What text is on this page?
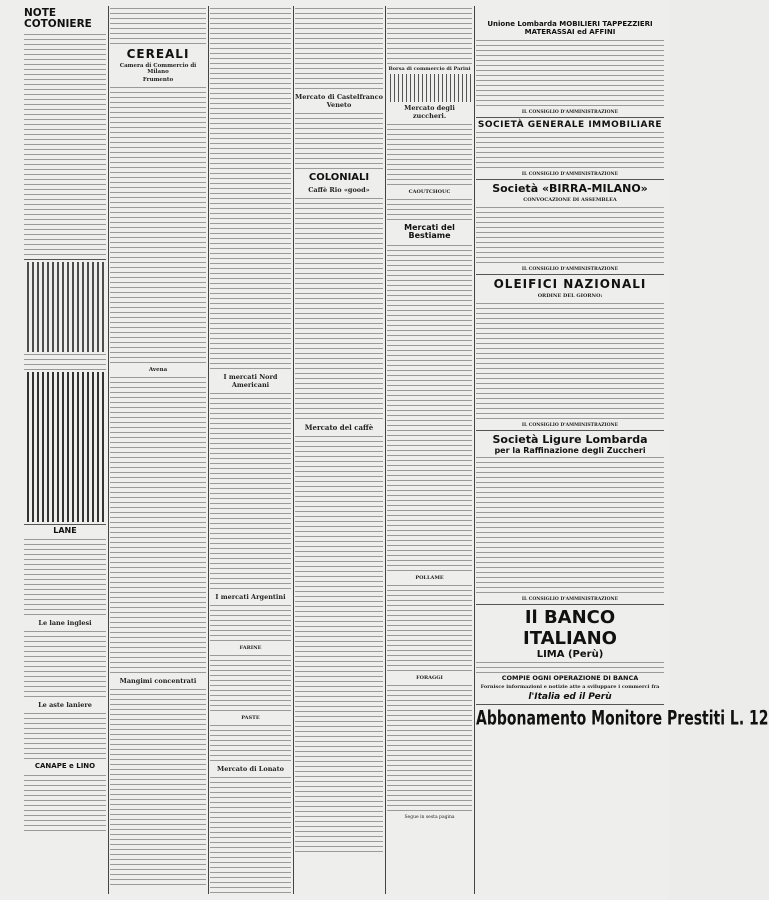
NOTE COTONIERE
LANE
Le lane inglesi
Le aste laniere
CANAPE e LINO
CEREALI
Camera di Commercio di Milano
Frumento
Avena
Mangimi concentrati
I mercati Nord Americani
I mercati Argentini
FARINE
PASTE
Mercato di Lonato
Mercato di Castelfranco Veneto
COLONIALI
Caffè Rio «good»
Mercato del caffè
Borsa di commercio di Parini
Mercato degli zuccheri.
CAOUTCHOUC
Mercati del Bestiame
POLLAME
FORAGGI
Segue in sesta pagina
Unione Lombarda MOBILIERI TAPPEZZIERI MATERASSAI ed AFFINI
IL CONSIGLIO D'AMMINISTRAZIONE
SOCIETÀ GENERALE IMMOBILIARE
IL CONSIGLIO D'AMMINISTRAZIONE
Società «BIRRA-MILANO»
CONVOCAZIONE DI ASSEMBLEA
IL CONSIGLIO D'AMMINISTRAZIONE
OLEIFICI NAZIONALI
ORDINE DEL GIORNO:
IL CONSIGLIO D'AMMINISTRAZIONE
Società Ligure Lombarda
per la Raffinazione degli Zuccheri
IL CONSIGLIO D'AMMINISTRAZIONE
Il BANCO ITALIANO
LIMA (Perù)
COMPIE OGNI OPERAZIONE DI BANCA
Fornisce informazioni e notizie atte a sviluppare i commerci fra
l'Italia ed il Perù
Abbonamento Monitore Prestiti L. 12
